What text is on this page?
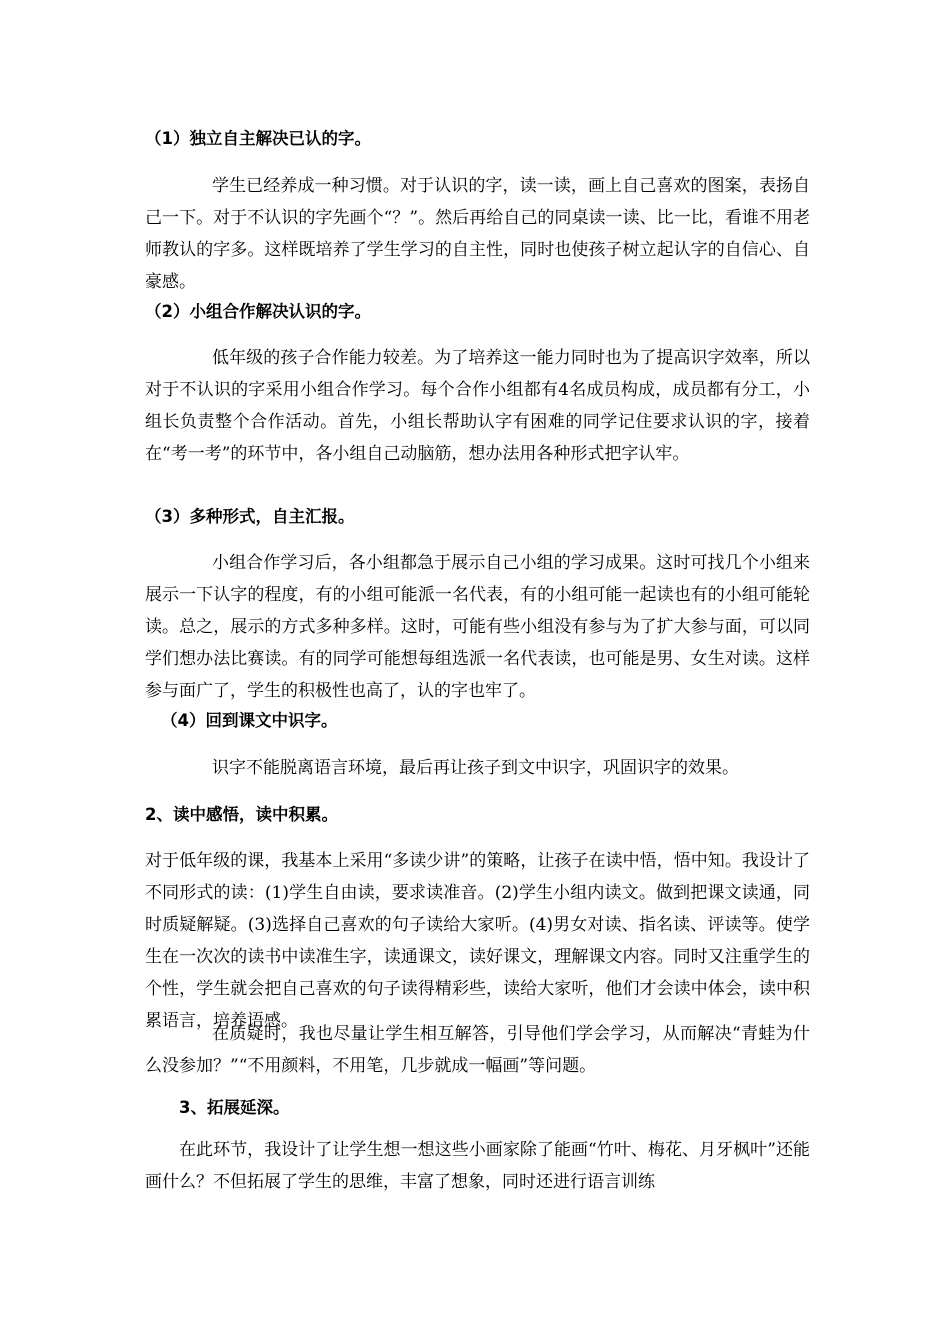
（1）独立自主解决已认的字。

学生已经养成一种习惯。对于认识的字，读一读，画上自己喜欢的图案，表扬自己一下。对于不认识的字先画个“？”。然后再给自己的同桌读一读、比一比，看谁不用老师教认的字多。这样既培养了学生学习的自主性，同时也使孩子树立起认字的自信心、自豪感。

（2）小组合作解决认识的字。

低年级的孩子合作能力较差。为了培养这一能力同时也为了提高识字效率，所以对于不认识的字采用小组合作学习。每个合作小组都有4名成员构成，成员都有分工，小组长负责整个合作活动。首先，小组长帮助认字有困难的同学记住要求认识的字，接着在“考一考”的环节中，各小组自己动脑筋，想办法用各种形式把字认牢。

（3）多种形式，自主汇报。

小组合作学习后，各小组都急于展示自己小组的学习成果。这时可找几个小组来展示一下认字的程度，有的小组可能派一名代表，有的小组可能一起读也有的小组可能轮读。总之，展示的方式多种多样。这时，可能有些小组没有参与为了扩大参与面，可以同学们想办法比赛读。有的同学可能想每组选派一名代表读，也可能是男、女生对读。这样参与面广了，学生的积极性也高了，认的字也牢了。

（4）回到课文中识字。

识字不能脱离语言环境，最后再让孩子到文中识字，巩固识字的效果。

2、读中感悟，读中积累。

对于低年级的课，我基本上采用“多读少讲”的策略，让孩子在读中悟，悟中知。我设计了不同形式的读：(1)学生自由读，要求读准音。(2)学生小组内读文。做到把课文读通，同时质疑解疑。(3)选择自己喜欢的句子读给大家听。(4)男女对读、指名读、评读等。使学生在一次次的读书中读准生字，读通课文，读好课文，理解课文内容。同时又注重学生的个性，学生就会把自己喜欢的句子读得精彩些，读给大家听，他们才会读中体会，读中积累语言，培养语感。

在质疑时，我也尽量让学生相互解答，引导他们学会学习，从而解决“青蛙为什么没参加？”“不用颜料，不用笔，几步就成一幅画”等问题。

3、拓展延深。

在此环节，我设计了让学生想一想这些小画家除了能画“竹叶、梅花、月牙枫叶”还能画什么？不但拓展了学生的思维，丰富了想象，同时还进行语言训练
